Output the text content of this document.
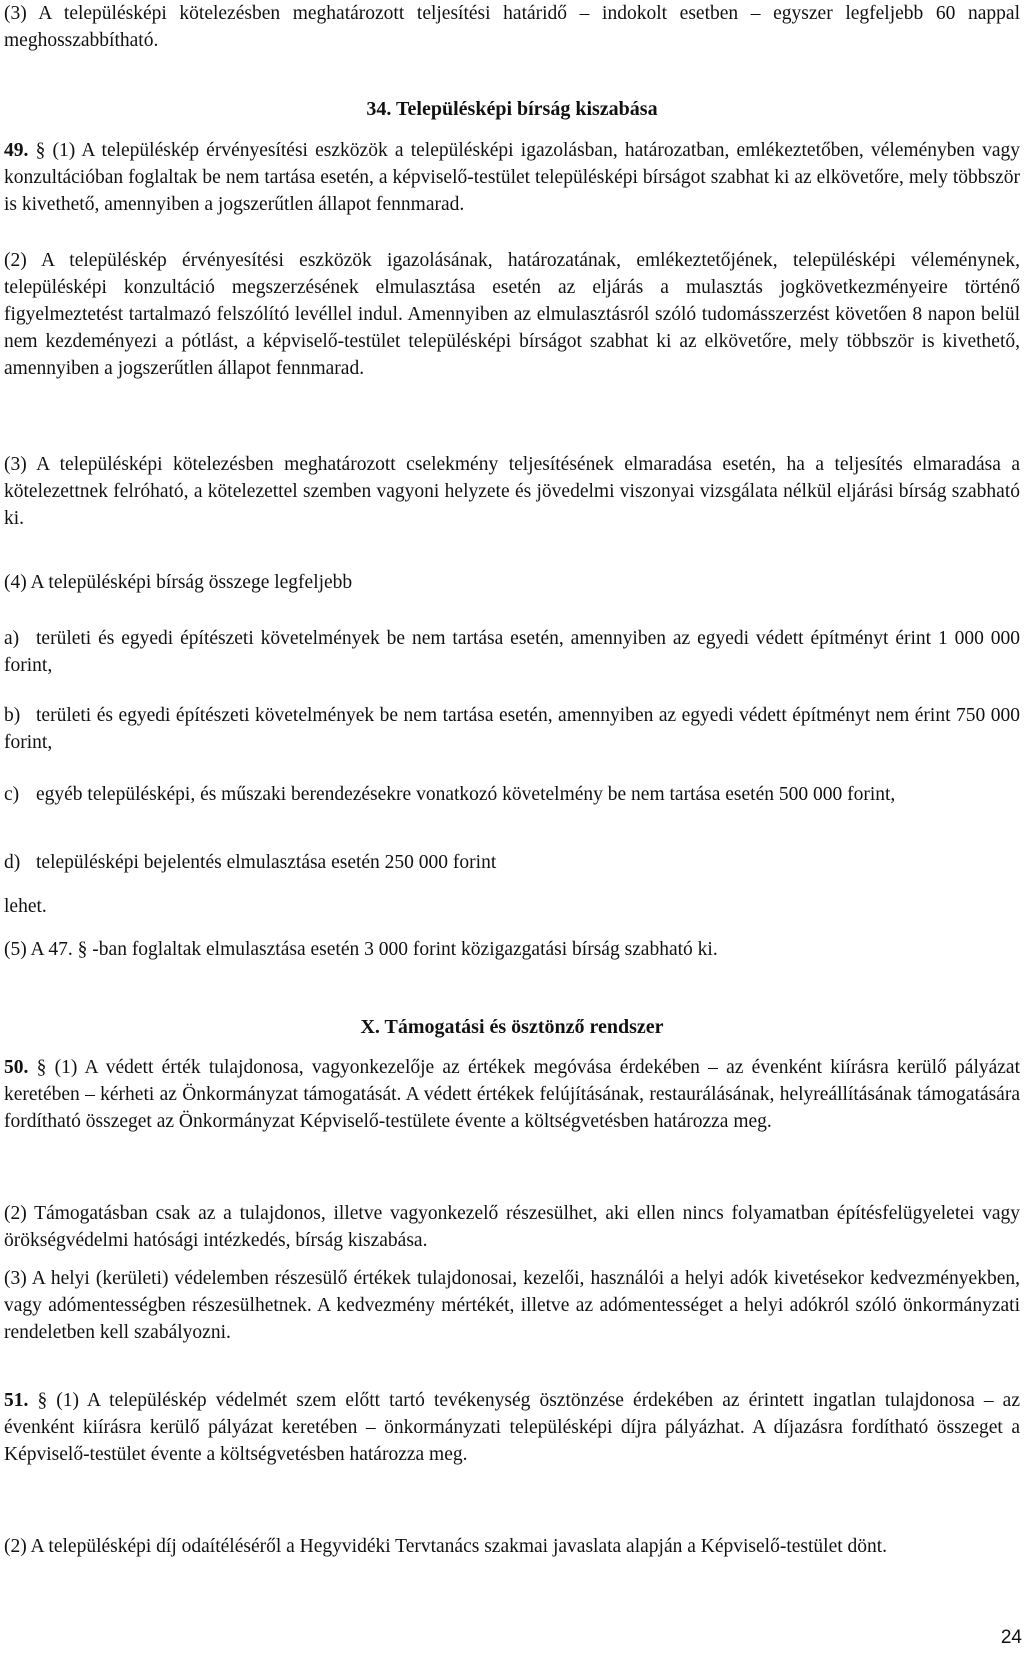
(3) A településképi kötelezésben meghatározott teljesítési határidő – indokolt esetben – egyszer legfeljebb 60 nappal meghosszabbítható.

34. Településképi bírság kiszabása

49. § (1) A településkép érvényesítési eszközök a településképi igazolásban, határozatban, emlékeztetőben, véleményben vagy konzultációban foglaltak be nem tartása esetén, a képviselő-testület településképi bírságot szabhat ki az elkövetőre, mely többször is kivethető, amennyiben a jogszerűtlen állapot fennmarad.

(2) A településkép érvényesítési eszközök igazolásának, határozatának, emlékeztetőjének, településképi véleménynek, településképi konzultáció megszerzésének elmulasztása esetén az eljárás a mulasztás jogkövetkezményeire történő figyelmeztetést tartalmazó felszólító levéllel indul. Amennyiben az elmulasztásról szóló tudomásszerzést követően 8 napon belül nem kezdeményezi a pótlást, a képviselő-testület településképi bírságot szabhat ki az elkövetőre, mely többször is kivethető, amennyiben a jogszerűtlen állapot fennmarad.

(3) A településképi kötelezésben meghatározott cselekmény teljesítésének elmaradása esetén, ha a teljesítés elmaradása a kötelezettnek felróható, a kötelezettel szemben vagyoni helyzete és jövedelmi viszonyai vizsgálata nélkül eljárási bírság szabható ki.

(4) A településképi bírság összege legfeljebb

a) területi és egyedi építészeti követelmények be nem tartása esetén, amennyiben az egyedi védett építményt érint 1 000 000 forint,

b) területi és egyedi építészeti követelmények be nem tartása esetén, amennyiben az egyedi védett építményt nem érint 750 000 forint,

c) egyéb településképi, és műszaki berendezésekre vonatkozó követelmény be nem tartása esetén 500 000 forint,

d) településképi bejelentés elmulasztása esetén 250 000 forint

lehet.

(5) A 47. § -ban foglaltak elmulasztása esetén 3 000 forint közigazgatási bírság szabható ki.

X. Támogatási és ösztönző rendszer

50. § (1) A védett érték tulajdonosa, vagyonkezelője az értékek megóvása érdekében – az évenként kiírásra kerülő pályázat keretében – kérheti az Önkormányzat támogatását. A védett értékek felújításának, restaurálásának, helyreállításának támogatására fordítható összeget az Önkormányzat Képviselő-testülete évente a költségvetésben határozza meg.

(2) Támogatásban csak az a tulajdonos, illetve vagyonkezelő részesülhet, aki ellen nincs folyamatban építésfelügyeletei vagy örökségvédelmi hatósági intézkedés, bírság kiszabása.

(3) A helyi (kerületi) védelemben részesülő értékek tulajdonosai, kezelői, használói a helyi adók kivetésekor kedvezményekben, vagy adómentességben részesülhetnek. A kedvezmény mértékét, illetve az adómentességet a helyi adókról szóló önkormányzati rendeletben kell szabályozni.

51. § (1) A településkép védelmét szem előtt tartó tevékenység ösztönzése érdekében az érintett ingatlan tulajdonosa – az évenként kiírásra kerülő pályázat keretében – önkormányzati településképi díjra pályázhat. A díjazásra fordítható összeget a Képviselő-testület évente a költségvetésben határozza meg.

(2) A településképi díj odaítéléséről a Hegyvidéki Tervtanács szakmai javaslata alapján a Képviselő-testület dönt.

24
